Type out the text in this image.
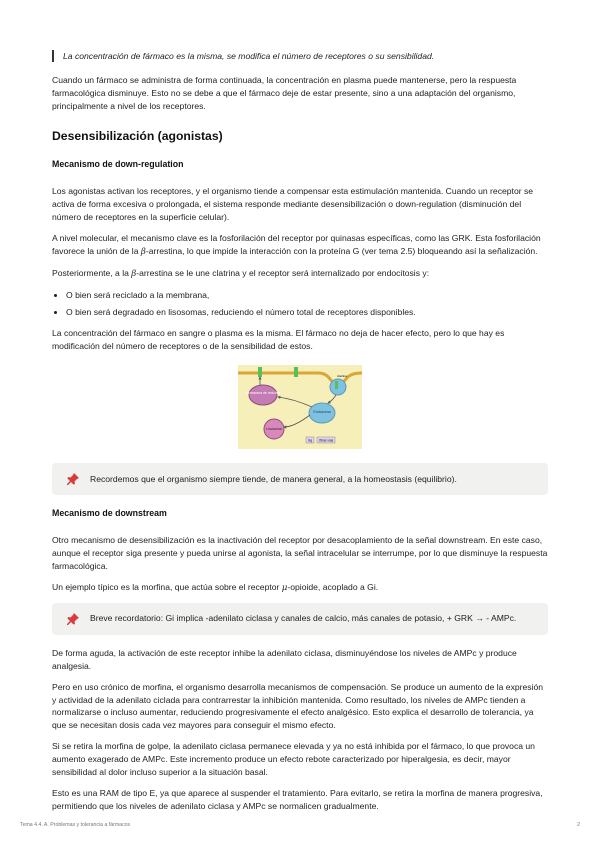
La concentración de fármaco es la misma, se modifica el número de receptores o su sensibilidad.

Cuando un fármaco se administra de forma continuada, la concentración en plasma puede mantenerse, pero la respuesta farmacológica disminuye. Esto no se debe a que el fármaco deje de estar presente, sino a una adaptación del organismo, principalmente a nivel de los receptores.

Desensibilización (agonistas)
Mecanismo de down-regulation

Los agonistas activan los receptores, y el organismo tiende a compensar esta estimulación mantenida. Cuando un receptor se activa de forma excesiva o prolongada, el sistema responde mediante desensibilización o down-regulation (disminución del número de receptores en la superficie celular).

A nivel molecular, el mecanismo clave es la fosforilación del receptor por quinasas específicas, como las GRK. Esta fosforilación favorece la unión de la β-arrestina, lo que impide la interacción con la proteína G (ver tema 2.5) bloqueando así la señalización.

Posteriormente, a la β-arrestina se le une clatrina y el receptor será internalizado por endocitosis y:

• O bien será reciclado a la membrana,
• O bien será degradado en lisosomas, reduciendo el número total de receptores disponibles.

La concentración del fármaco en sangre o plasma es la misma. El fármaco no deja de hacer efecto, pero lo que hay es modificación del número de receptores o de la sensibilidad de estos.

Endosoma de reciclaje
Endosoma
Lisosoma
Gq Otras vías
clatrina
Recordemos que el organismo siempre tiende, de manera general, a la homeostasis (equilibrio).
Mecanismo de downstream

Otro mecanismo de desensibilización es la inactivación del receptor por desacoplamiento de la señal downstream. En este caso, aunque el receptor siga presente y pueda unirse al agonista, la señal intracelular se interrumpe, por lo que disminuye la respuesta farmacológica.

Un ejemplo típico es la morfina, que actúa sobre el receptor μ-opioide, acoplado a Gi.

Breve recordatorio: Gi implica -adenilato ciclasa y canales de calcio, más canales de potasio, + GRK → - AMPc.

De forma aguda, la activación de este receptor inhibe la adenilato ciclasa, disminuyéndose los niveles de AMPc y produce analgesia.

Pero en uso crónico de morfina, el organismo desarrolla mecanismos de compensación. Se produce un aumento de la expresión y actividad de la adenilato ciclada para contrarrestar la inhibición mantenida. Como resultado, los niveles de AMPc tienden a normalizarse o incluso aumentar, reduciendo progresivamente el efecto analgésico. Esto explica el desarrollo de tolerancia, ya que se necesitan dosis cada vez mayores para conseguir el mismo efecto.

Si se retira la morfina de golpe, la adenilato ciclasa permanece elevada y ya no está inhibida por el fármaco, lo que provoca un aumento exagerado de AMPc. Este incremento produce un efecto rebote caracterizado por hiperalgesia, es decir, mayor sensibilidad al dolor incluso superior a la situación basal.

Esto es una RAM de tipo E, ya que aparece al suspender el tratamiento. Para evitarlo, se retira la morfina de manera progresiva, permitiendo que los niveles de adenilato ciclasa y AMPc se normalicen gradualmente.

Tema 4.4. A. Problemas y tolerancia a fármacos	2
